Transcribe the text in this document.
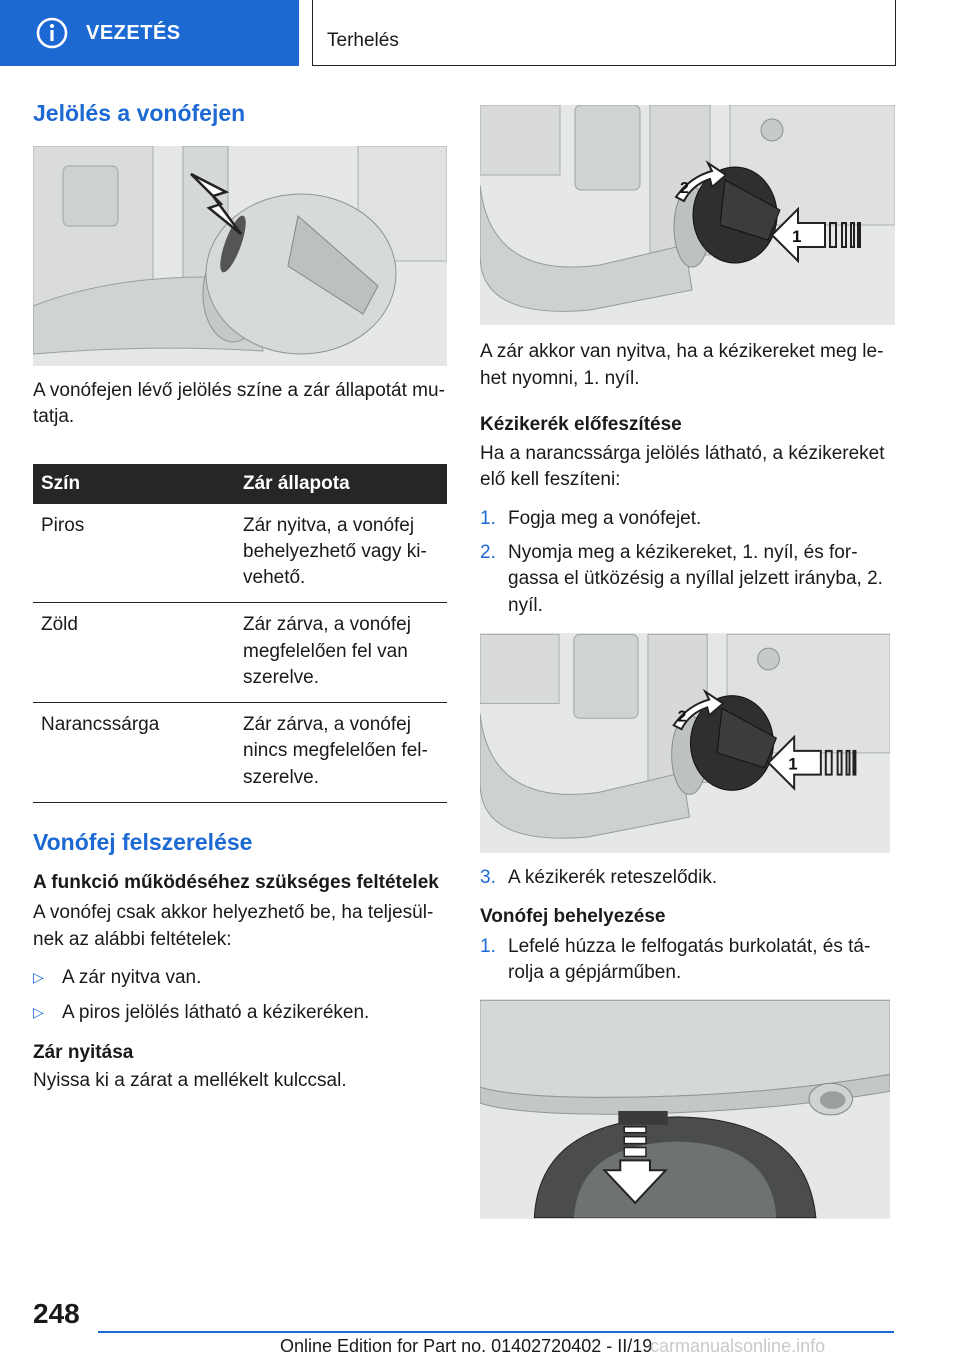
VEZETÉS	Terhelés
Jelölés a vonófejen

A vonófejen lévő jelölés színe a zár állapotát mu-tatja.

Szín	Zár állapota
Piros	Zár nyitva, a vonófej behelyezhető vagy ki-vehető.
Zöld	Zár zárva, a vonófej megfelelően fel van szerelve.
Narancssárga	Zár zárva, a vonófej nincs megfelelően fel-szerelve.
Vonófej felszerelése
A funkció működéséhez szükséges feltételek

A vonófej csak akkor helyezhető be, ha teljesül-nek az alábbi feltételek:

▷ A zár nyitva van.
▷ A piros jelölés látható a kézikeréken.
Zár nyitása

Nyissa ki a zárat a mellékelt kulccsal.

2
1

A zár akkor van nyitva, ha a kézikereket meg le-het nyomni, 1. nyíl.

Kézikerék előfeszítése

Ha a narancssárga jelölés látható, a kézikereket elő kell feszíteni:

1. Fogja meg a vonófejet.
2. Nyomja meg a kézikereket, 1. nyíl, és for-gassa el ütközésig a nyíllal jelzett irányba, 2. nyíl.
2
1
3. A kézikerék reteszelődik.
Vonófej behelyezése
1. Lefelé húzza le felfogatás burkolatát, és tá-rolja a gépjárműben.
248
Online Edition for Part no. 01402720402 - II/19
carmanualsonline.info
